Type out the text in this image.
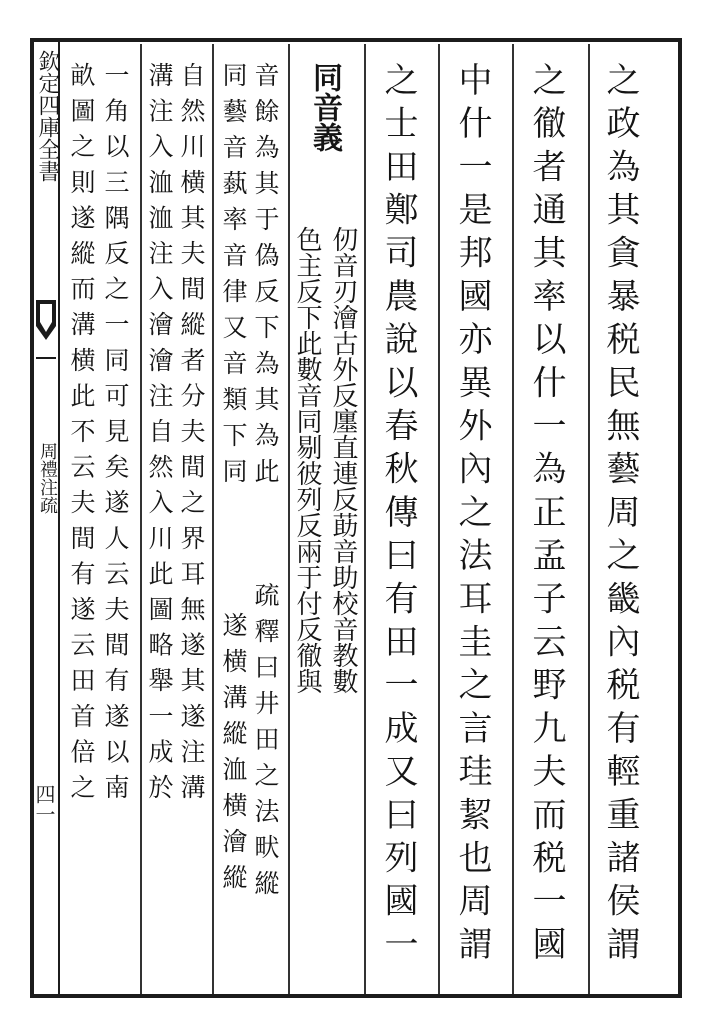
欽定四庫全書
周禮注疏
四一	之政為其貪暴税民無藝周之畿內税有輕重諸侯謂
之徹者通其率以什一為正孟子云野九夫而税一國
中什一是邦國亦異外內之法耳圭之言珪絜也周謂
之士田鄭司農說以春秋傳曰有田一成又曰列國一
同音義
仞音刃澮古外反廛直連反莇音助校音教數
色主反下此數音同剔彼列反兩于付反徹與
音餘為其于偽反下為其為此
同藝音蓺率音律又音類下同
疏釋曰井田之法畎縱
遂横溝縱洫横澮縱
自然川横其夫間縱者分夫間之界耳無遂其遂注溝
溝注入洫洫注入澮澮注自然入川此圖略舉一成於
一角以三隅反之一同可見矣遂人云夫間有遂以南
畝圖之則遂縱而溝横此不云夫間有遂云田首倍之
